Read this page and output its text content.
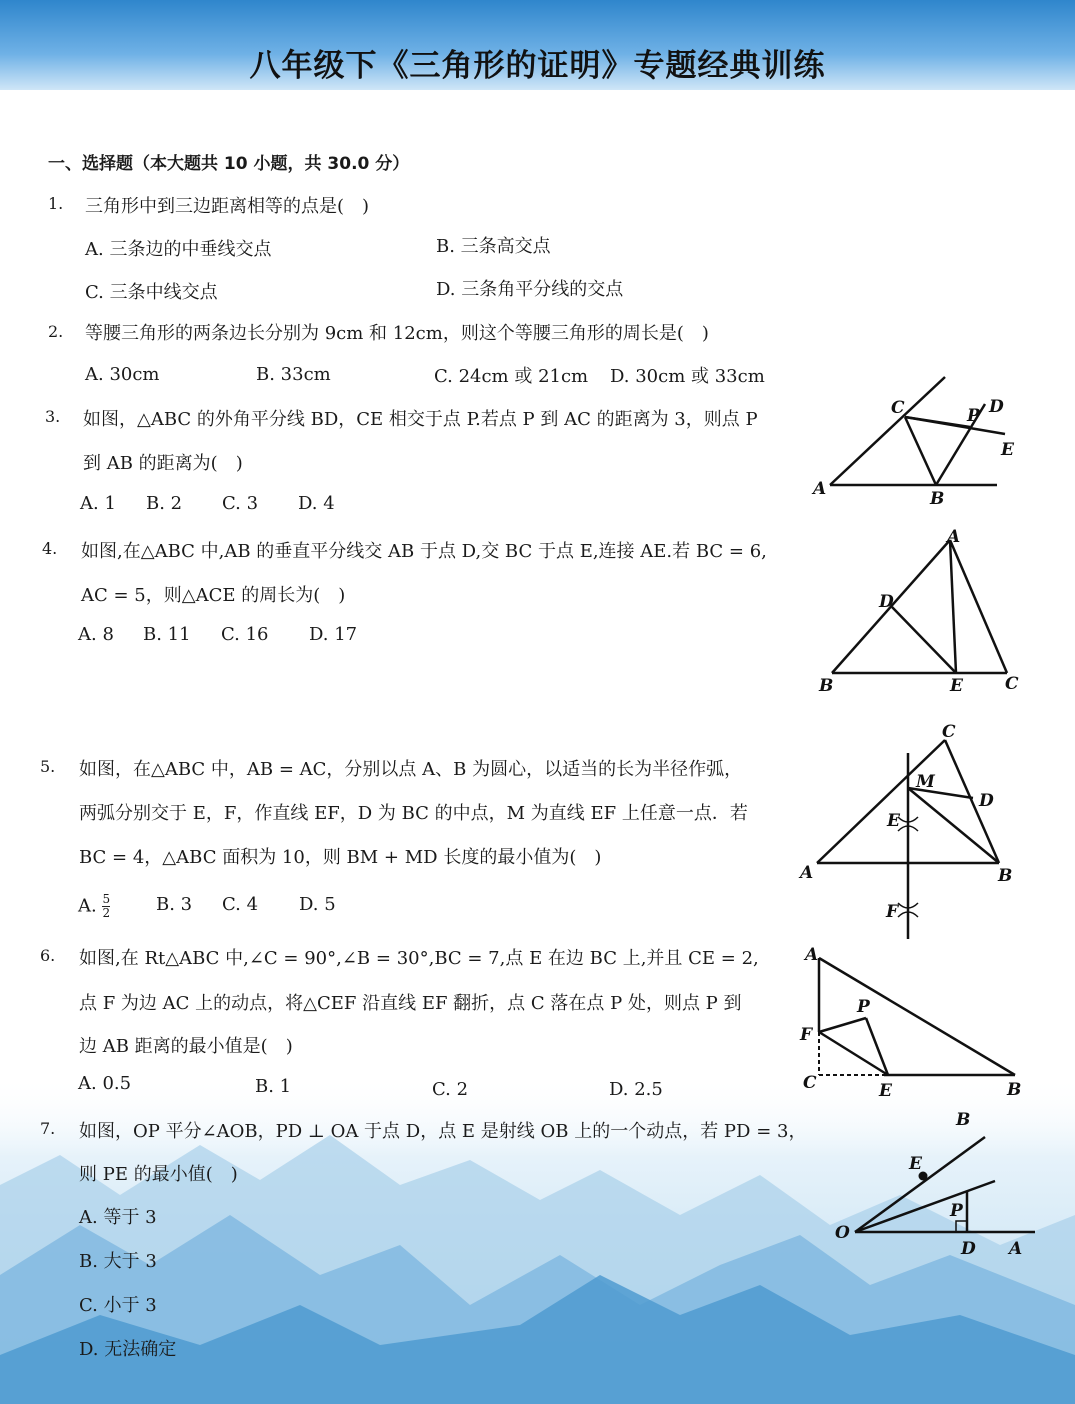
八年级下《三角形的证明》专题经典训练
一、选择题（本大题共 10 小题，共 30.0 分）
1. 三角形中到三边距离相等的点是(　)
A. 三条边的中垂线交点	B. 三条高交点
C. 三条中线交点	D. 三条角平分线的交点
2. 等腰三角形的两条边长分别为 9cm 和 12cm，则这个等腰三角形的周长是(　)
A. 30cm	B. 33cm	C. 24cm 或 21cm D. 30cm 或 33cm
3. 如图，△ABC 的外角平分线 BD，CE 相交于点 P.若点 P 到 AC 的距离为 3，则点 P
到 AB 的距离为(　)
A. 1 B. 2 C. 3 D. 4
4. 如图,在△ABC 中,AB 的垂直平分线交 AB 于点 D,交 BC 于点 E,连接 AE.若 BC = 6,
AC = 5，则△ACE 的周长为(　)
A. 8 B. 11 C. 16 D. 17
5. 如图，在△ABC 中，AB = AC，分别以点 A、B 为圆心，以适当的长为半径作弧，
两弧分别交于 E，F，作直线 EF，D 为 BC 的中点，M 为直线 EF 上任意一点．若
BC = 4，△ABC 面积为 10，则 BM + MD 长度的最小值为(　)
A. $\frac{5}{2}$	B. 3 C. 4 D. 5
6. 如图,在 Rt△ABC 中,∠C = 90°,∠B = 30°,BC = 7,点 E 在边 BC 上,并且 CE = 2,
点 F 为边 AC 上的动点，将△CEF 沿直线 EF 翻折，点 C 落在点 P 处，则点 P 到
边 AB 距离的最小值是(　)
A. 0.5	B. 1	C. 2	D. 2.5
7. 如图，OP 平分∠AOB，PD ⊥ OA 于点 D，点 E 是射线 OB 上的一个动点，若 PD = 3，
则 PE 的最小值(　)
A. 等于 3
B. 大于 3
C. 小于 3
D. 无法确定
C	P D
E
A	B
A
D
B	E C
C
M
D
E
A	B
F
A
P
F
C	E	B
B
E
P
O
D A
